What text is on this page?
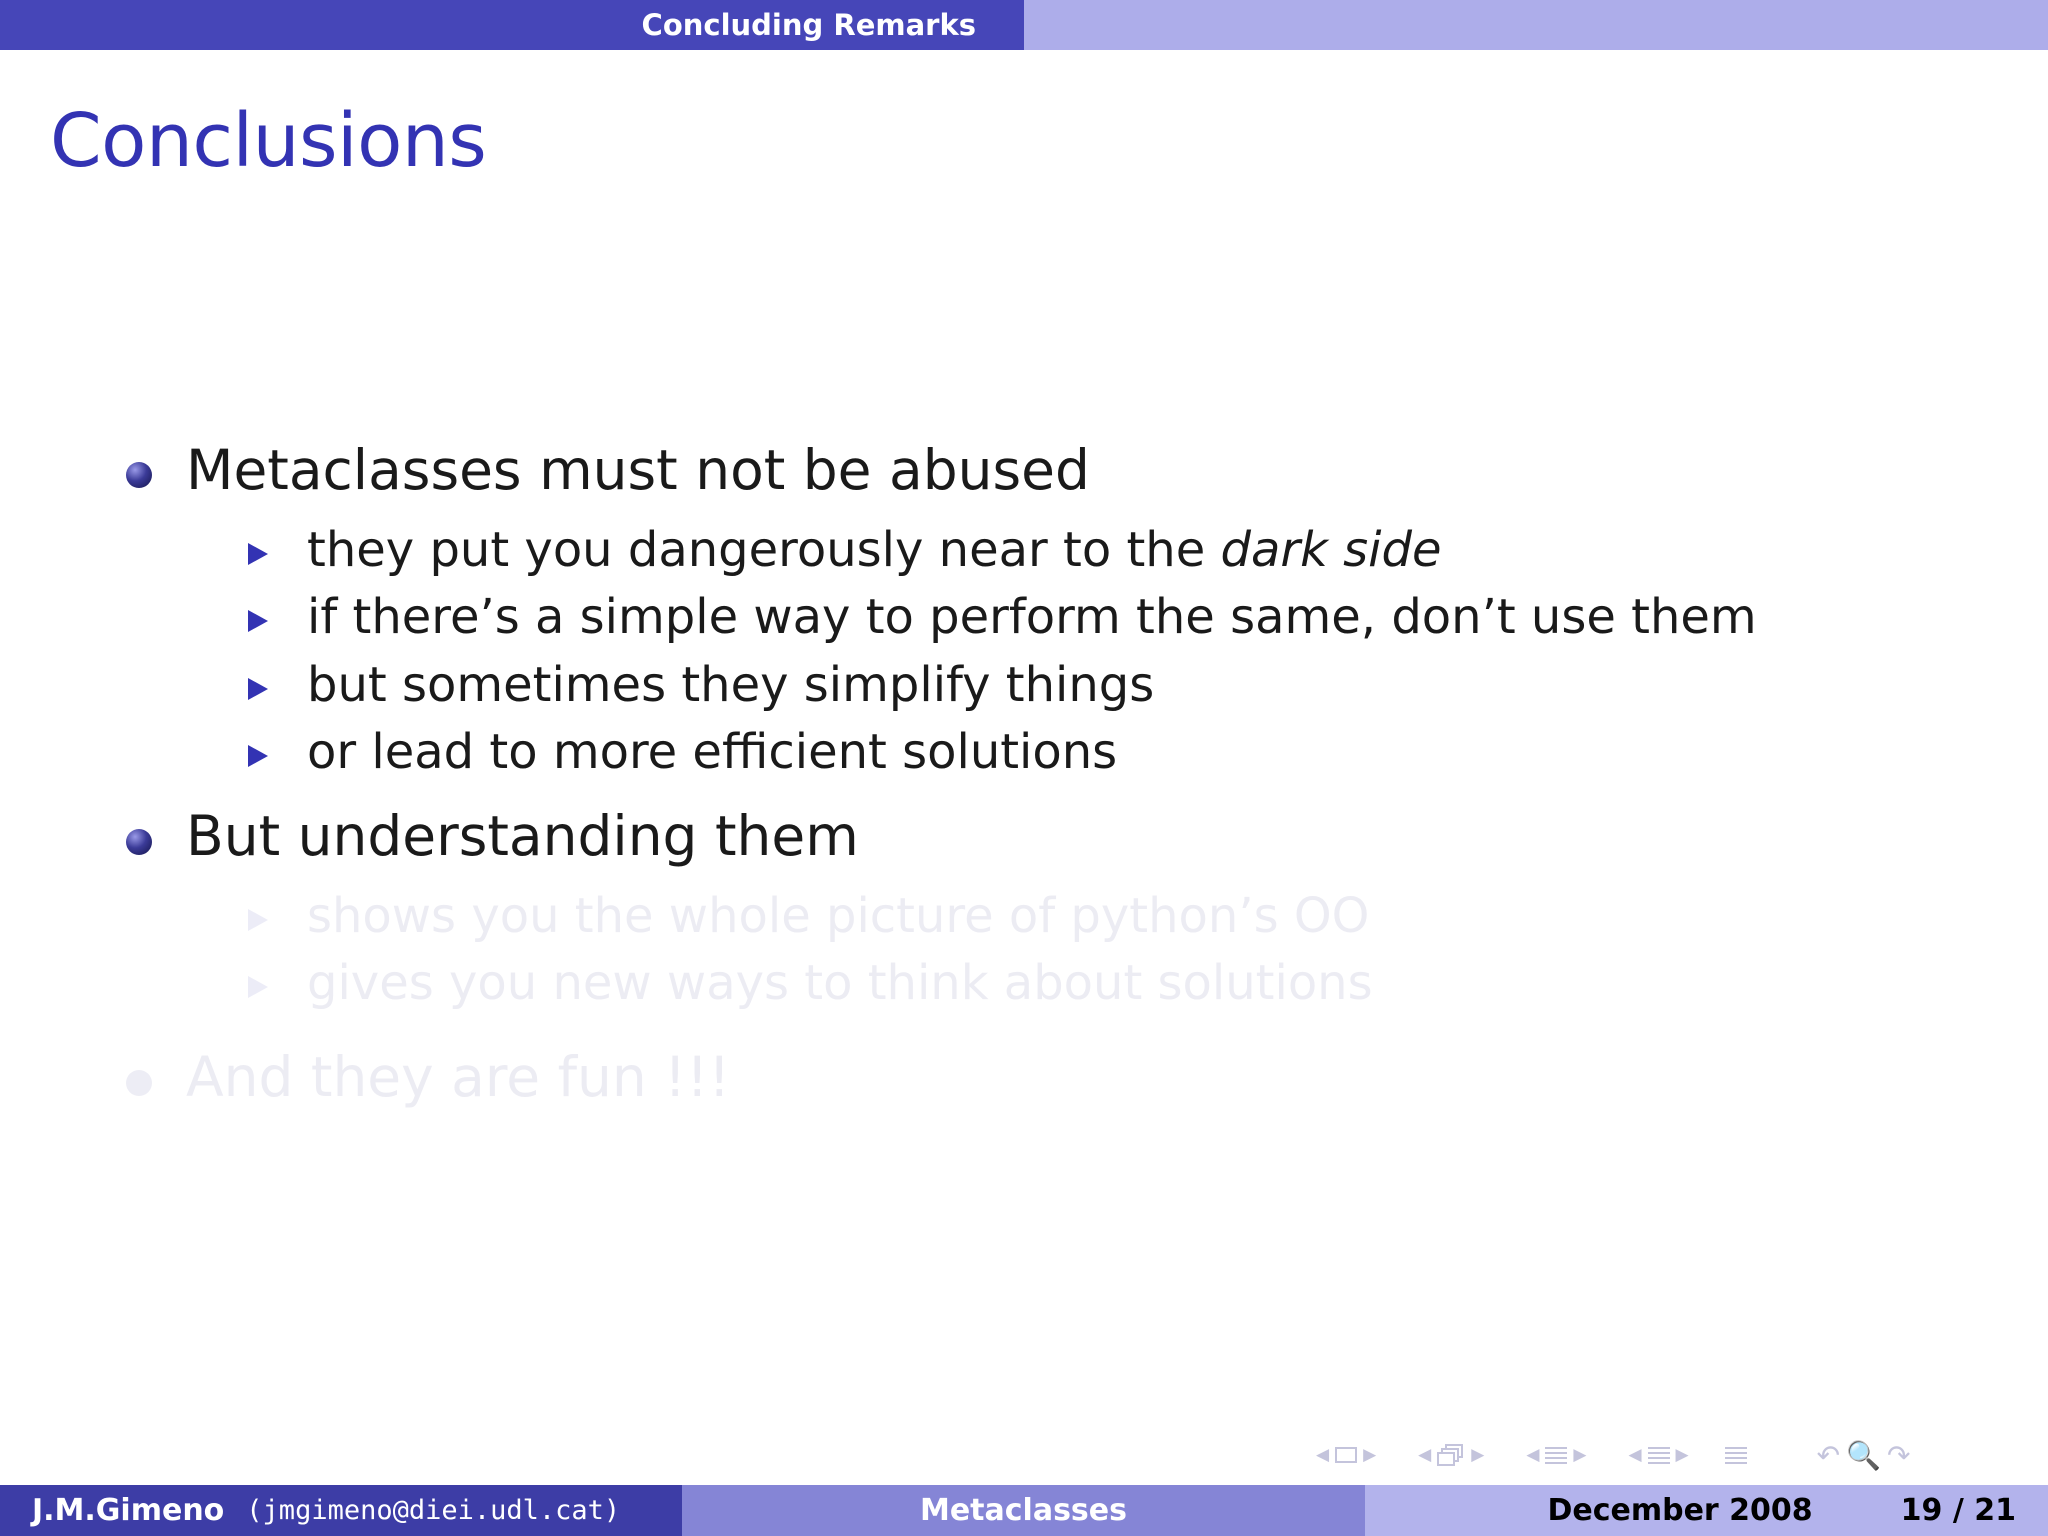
Concluding Remarks
Conclusions
Metaclasses must not be abused
they put you dangerously near to the dark side
if there’s a simple way to perform the same, don’t use them
but sometimes they simplify things
or lead to more efficient solutions
But understanding them
shows you the whole picture of python’s OO
gives you new ways to think about solutions
And they are fun !!!
◀ ▶ ◀ ▶ ◀ ▶ ◀ ▶	↶🔍↷
J.M.Gimeno (jmgimeno@diei.udl.cat)	Metaclasses	December 2008	19 / 21
